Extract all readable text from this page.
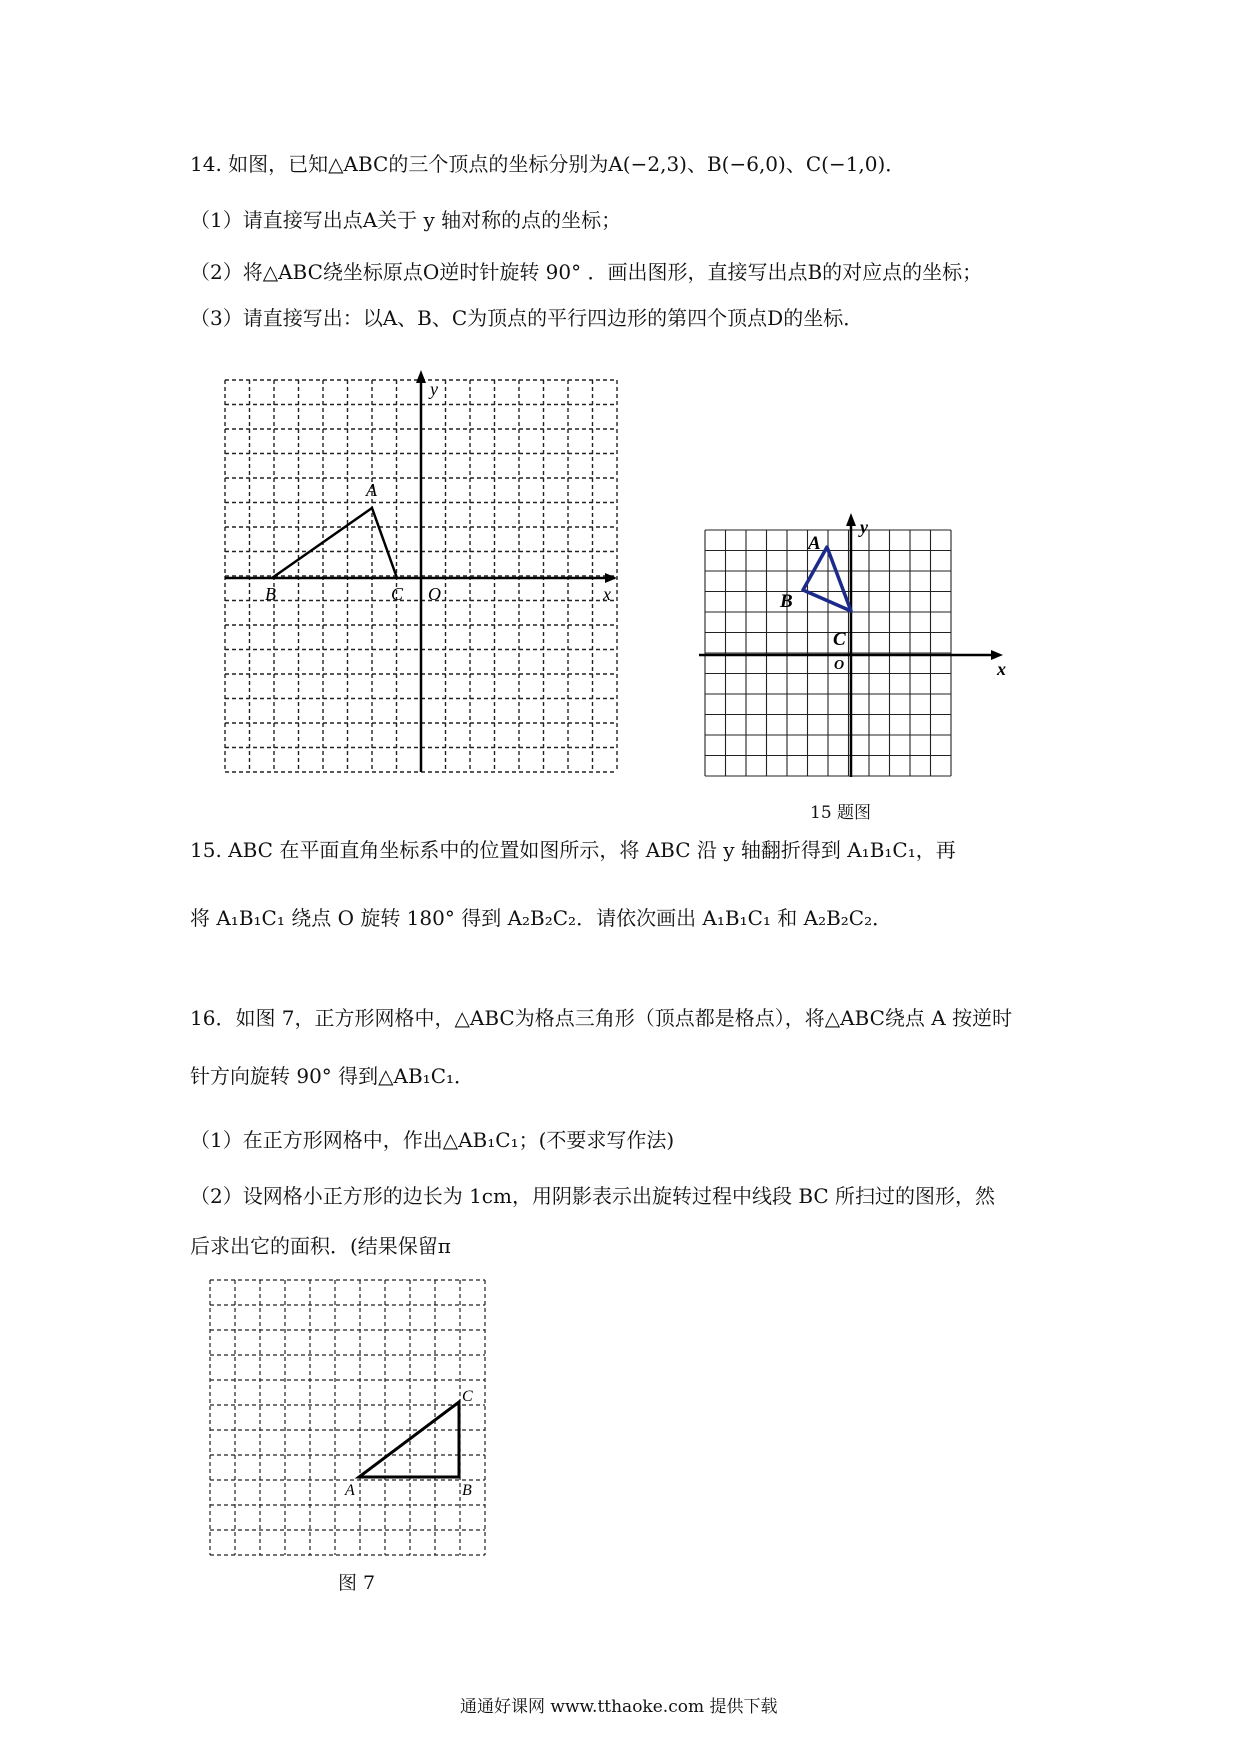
14. 如图，已知△ABC的三个顶点的坐标分别为A(−2,3)、B(−6,0)、C(−1,0)．
（1）请直接写出点A关于 y 轴对称的点的坐标；
（2）将△ABC绕坐标原点O逆时针旋转 90° ．画出图形，直接写出点B的对应点的坐标；
（3）请直接写出：以A、B、C为顶点的平行四边形的第四个顶点D的坐标．
y
x
O
A
B	C
y
x
O
A
B
C
15 题图
15. ABC 在平面直角坐标系中的位置如图所示，将 ABC 沿 y 轴翻折得到 A₁B₁C₁，再
将 A₁B₁C₁ 绕点 O 旋转 180° 得到 A₂B₂C₂．请依次画出 A₁B₁C₁ 和 A₂B₂C₂．
16．如图 7，正方形网格中，△ABC为格点三角形（顶点都是格点），将△ABC绕点 A 按逆时
针方向旋转 90° 得到△AB₁C₁．
（1）在正方形网格中，作出△AB₁C₁；(不要求写作法)
（2）设网格小正方形的边长为 1cm，用阴影表示出旋转过程中线段 BC 所扫过的图形，然
后求出它的面积．(结果保留π
A	B
C
图 7
通通好课网 www.tthaoke.com 提供下载
